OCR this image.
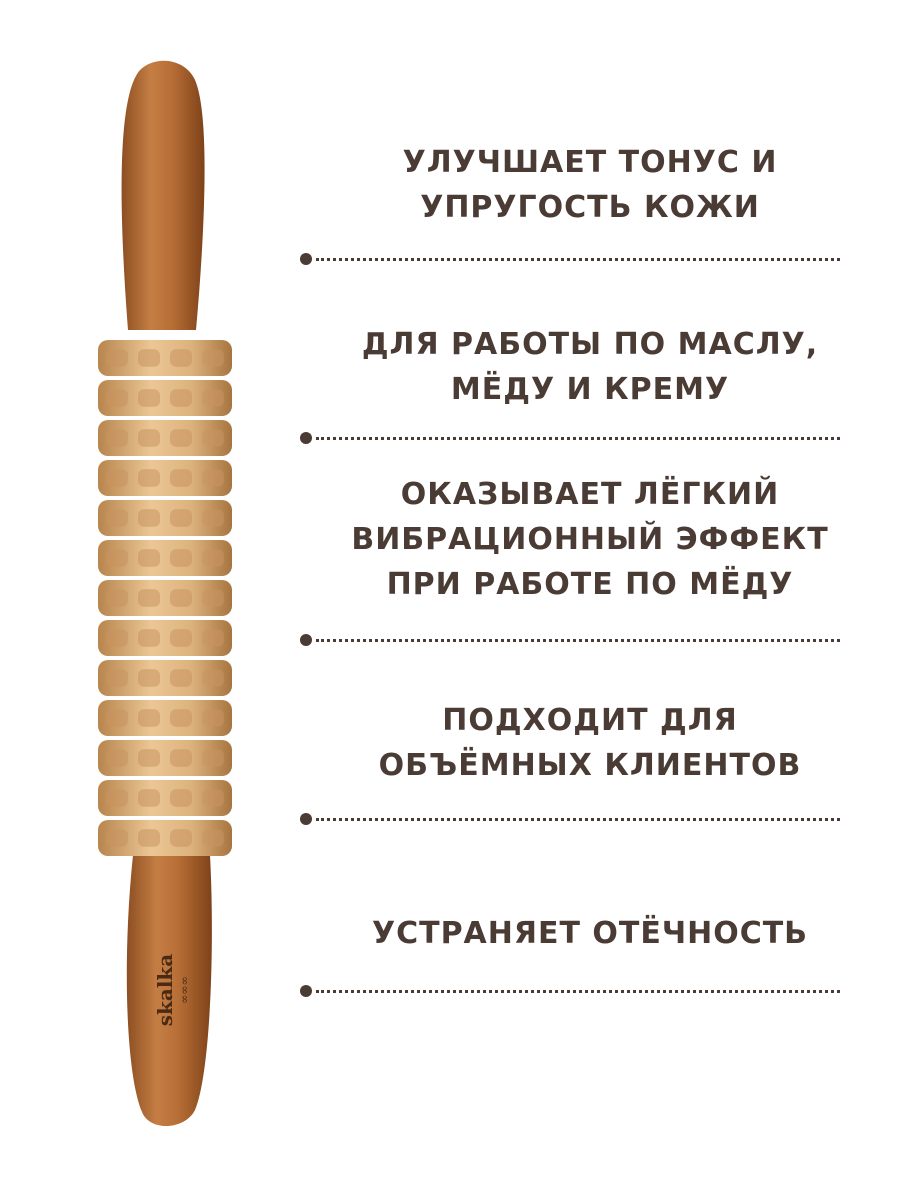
skalka ∞∞∞
УЛУЧШАЕТ ТОНУС И
УПРУГОСТЬ КОЖИ
ДЛЯ РАБОТЫ ПО МАСЛУ,
МЁДУ И КРЕМУ
ОКАЗЫВАЕТ ЛЁГКИЙ
ВИБРАЦИОННЫЙ ЭФФЕКТ
ПРИ РАБОТЕ ПО МЁДУ
ПОДХОДИТ ДЛЯ
ОБЪЁМНЫХ КЛИЕНТОВ
УСТРАНЯЕТ ОТЁЧНОСТЬ
